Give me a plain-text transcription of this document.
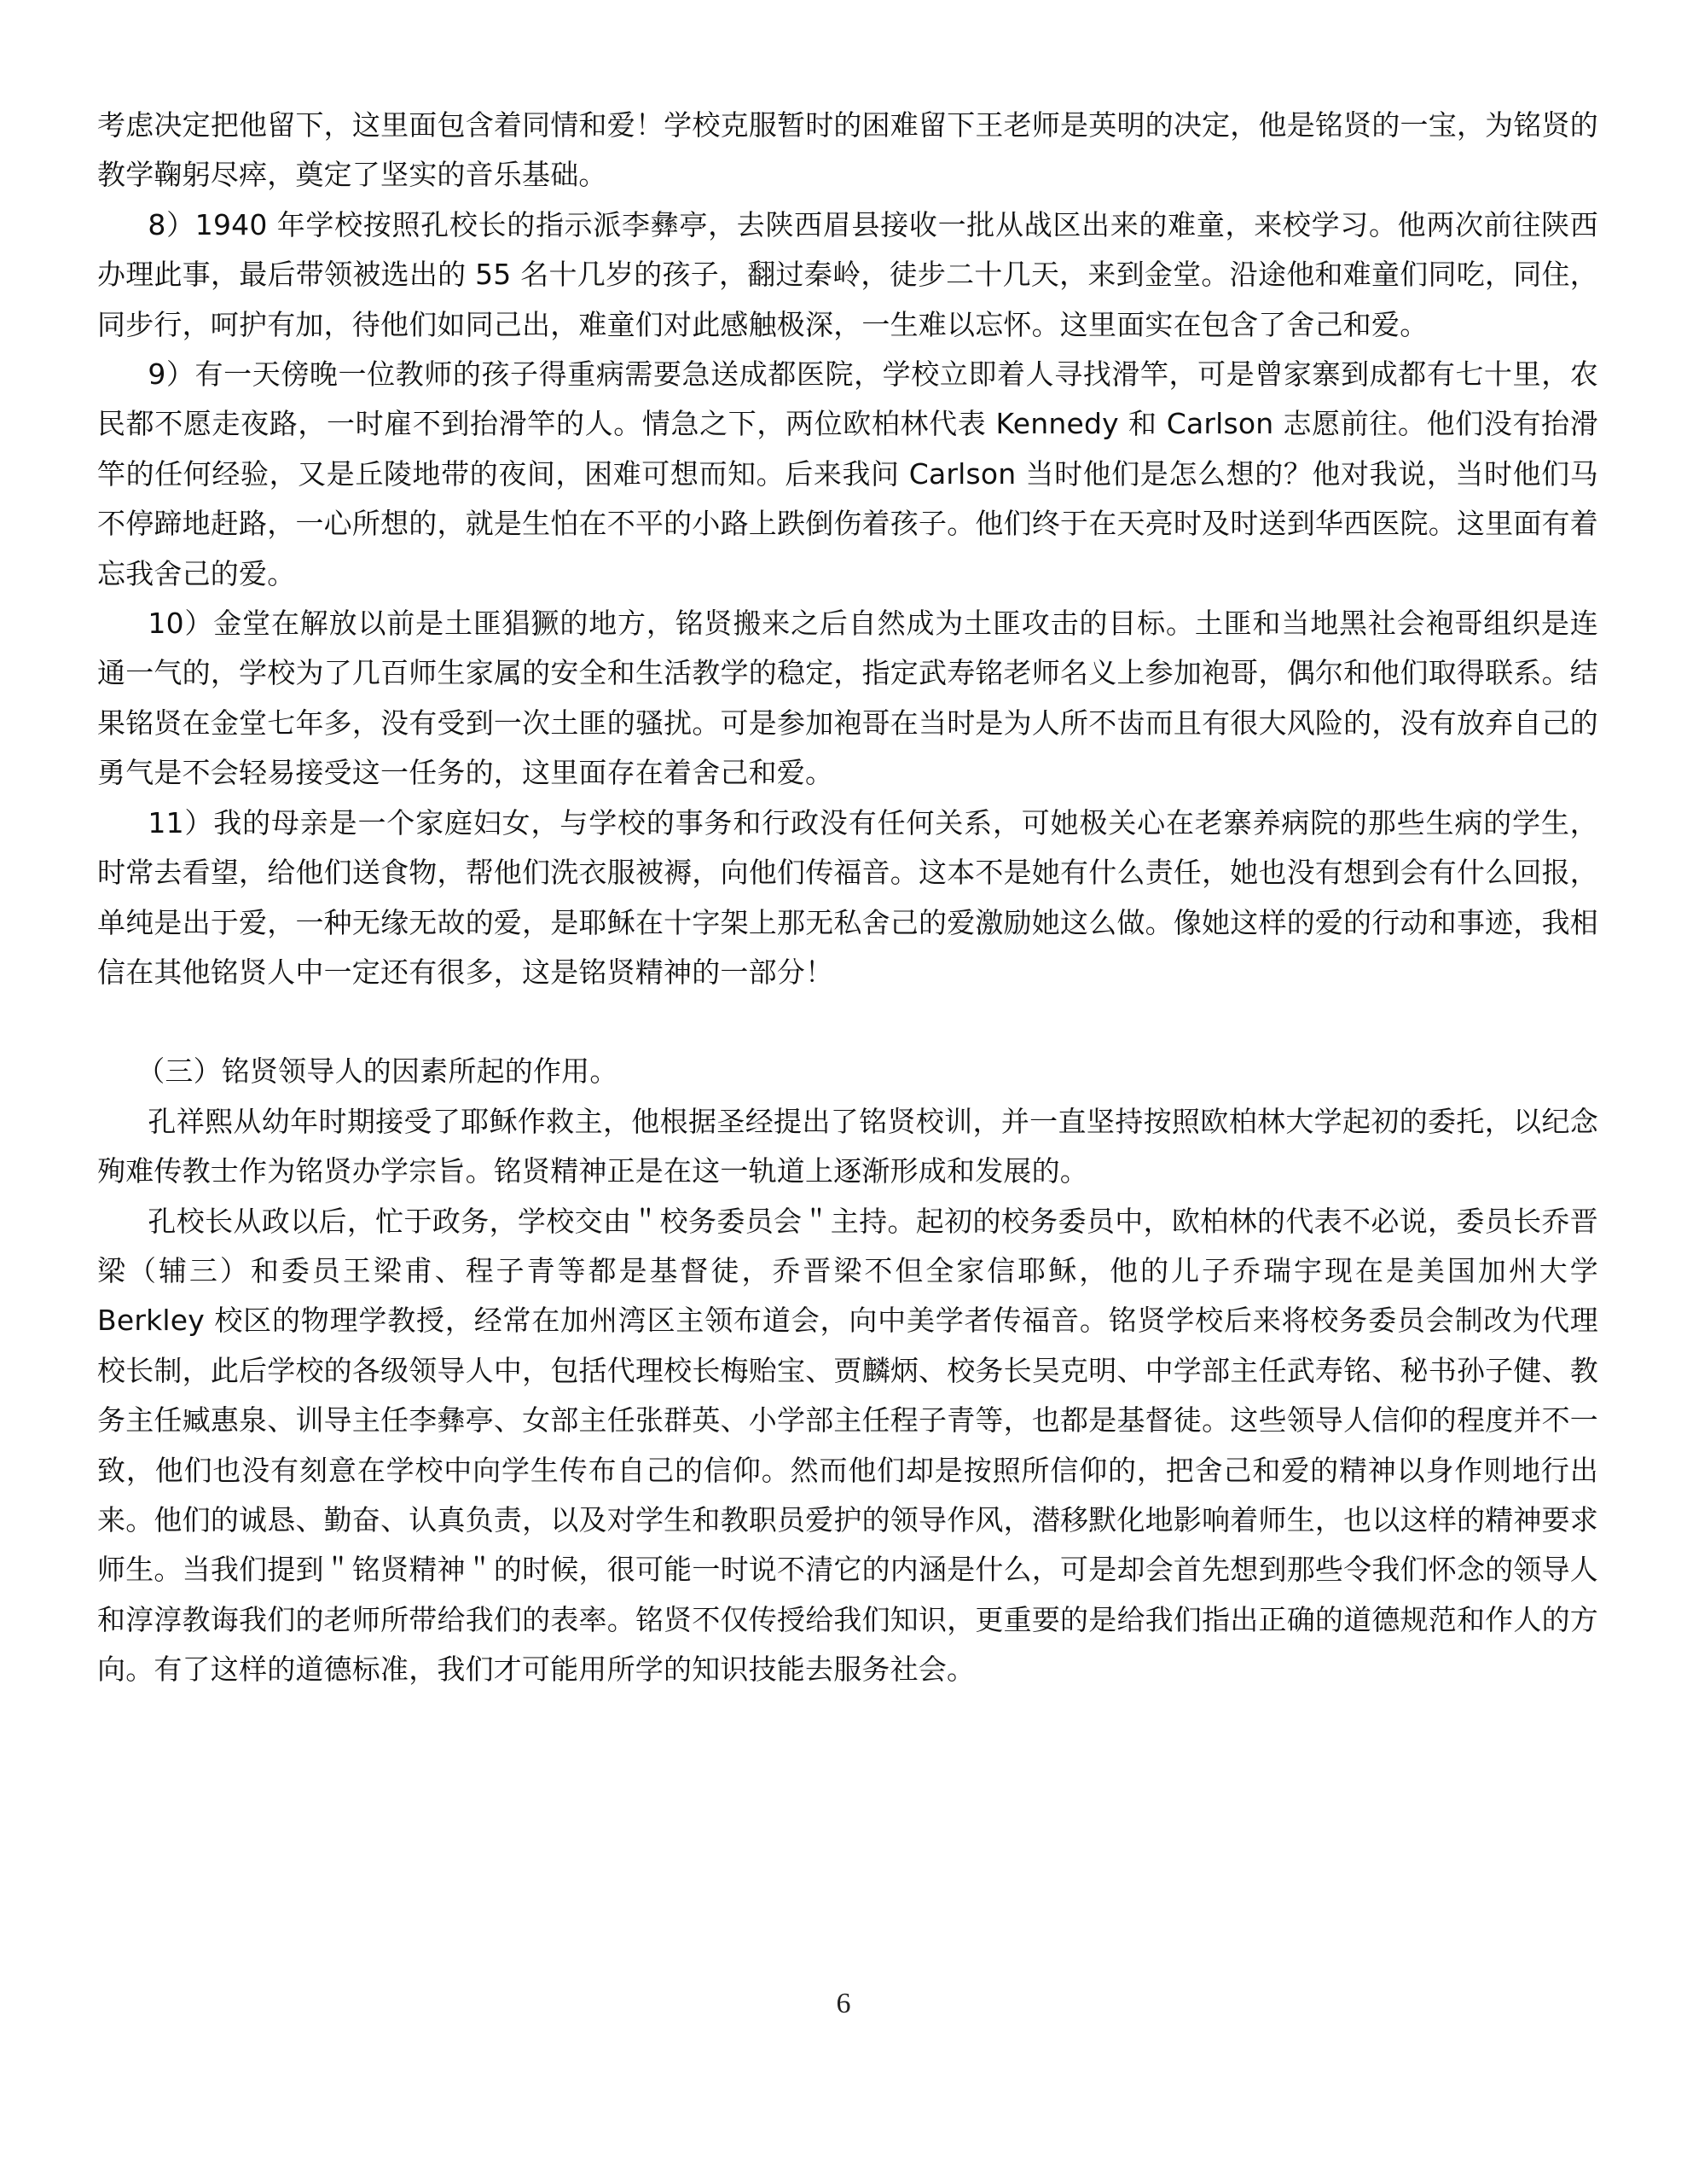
考虑决定把他留下，这里面包含着同情和爱！学校克服暂时的困难留下王老师是英明的决定，他是铭贤的一宝，为铭贤的教学鞠躬尽瘁，奠定了坚实的音乐基础。

8）1940 年学校按照孔校长的指示派李彝亭，去陕西眉县接收一批从战区出来的难童，来校学习。他两次前往陕西办理此事，最后带领被选出的 55 名十几岁的孩子，翻过秦岭，徒步二十几天，来到金堂。沿途他和难童们同吃，同住，同步行，呵护有加，待他们如同己出，难童们对此感触极深，一生难以忘怀。这里面实在包含了舍己和爱。

9）有一天傍晚一位教师的孩子得重病需要急送成都医院，学校立即着人寻找滑竿，可是曾家寨到成都有七十里，农民都不愿走夜路，一时雇不到抬滑竿的人。情急之下，两位欧柏林代表 Kennedy 和 Carlson 志愿前往。他们没有抬滑竿的任何经验，又是丘陵地带的夜间，困难可想而知。后来我问 Carlson 当时他们是怎么想的？他对我说，当时他们马不停蹄地赶路，一心所想的，就是生怕在不平的小路上跌倒伤着孩子。他们终于在天亮时及时送到华西医院。这里面有着忘我舍己的爱。

10）金堂在解放以前是土匪猖獗的地方，铭贤搬来之后自然成为土匪攻击的目标。土匪和当地黑社会袍哥组织是连通一气的，学校为了几百师生家属的安全和生活教学的稳定，指定武寿铭老师名义上参加袍哥，偶尔和他们取得联系。结果铭贤在金堂七年多，没有受到一次土匪的骚扰。可是参加袍哥在当时是为人所不齿而且有很大风险的，没有放弃自己的勇气是不会轻易接受这一任务的，这里面存在着舍己和爱。

11）我的母亲是一个家庭妇女，与学校的事务和行政没有任何关系，可她极关心在老寨养病院的那些生病的学生，时常去看望，给他们送食物，帮他们洗衣服被褥，向他们传福音。这本不是她有什么责任，她也没有想到会有什么回报，单纯是出于爱，一种无缘无故的爱，是耶稣在十字架上那无私舍己的爱激励她这么做。像她这样的爱的行动和事迹，我相信在其他铭贤人中一定还有很多，这是铭贤精神的一部分！

（三）铭贤领导人的因素所起的作用。

孔祥熙从幼年时期接受了耶稣作救主，他根据圣经提出了铭贤校训，并一直坚持按照欧柏林大学起初的委托，以纪念殉难传教士作为铭贤办学宗旨。铭贤精神正是在这一轨道上逐渐形成和发展的。

孔校长从政以后，忙于政务，学校交由＂校务委员会＂主持。起初的校务委员中，欧柏林的代表不必说，委员长乔晋梁（辅三）和委员王梁甫、程子青等都是基督徒，乔晋梁不但全家信耶稣，他的儿子乔瑞宇现在是美国加州大学 Berkley 校区的物理学教授，经常在加州湾区主领布道会，向中美学者传福音。铭贤学校后来将校务委员会制改为代理校长制，此后学校的各级领导人中，包括代理校长梅贻宝、贾麟炳、校务长吴克明、中学部主任武寿铭、秘书孙子健、教务主任臧惠泉、训导主任李彝亭、女部主任张群英、小学部主任程子青等，也都是基督徒。这些领导人信仰的程度并不一致，他们也没有刻意在学校中向学生传布自己的信仰。然而他们却是按照所信仰的，把舍己和爱的精神以身作则地行出来。他们的诚恳、勤奋、认真负责，以及对学生和教职员爱护的领导作风，潜移默化地影响着师生，也以这样的精神要求师生。当我们提到＂铭贤精神＂的时候，很可能一时说不清它的内涵是什么，可是却会首先想到那些令我们怀念的领导人和淳淳教诲我们的老师所带给我们的表率。铭贤不仅传授给我们知识，更重要的是给我们指出正确的道德规范和作人的方向。有了这样的道德标准，我们才可能用所学的知识技能去服务社会。

6
